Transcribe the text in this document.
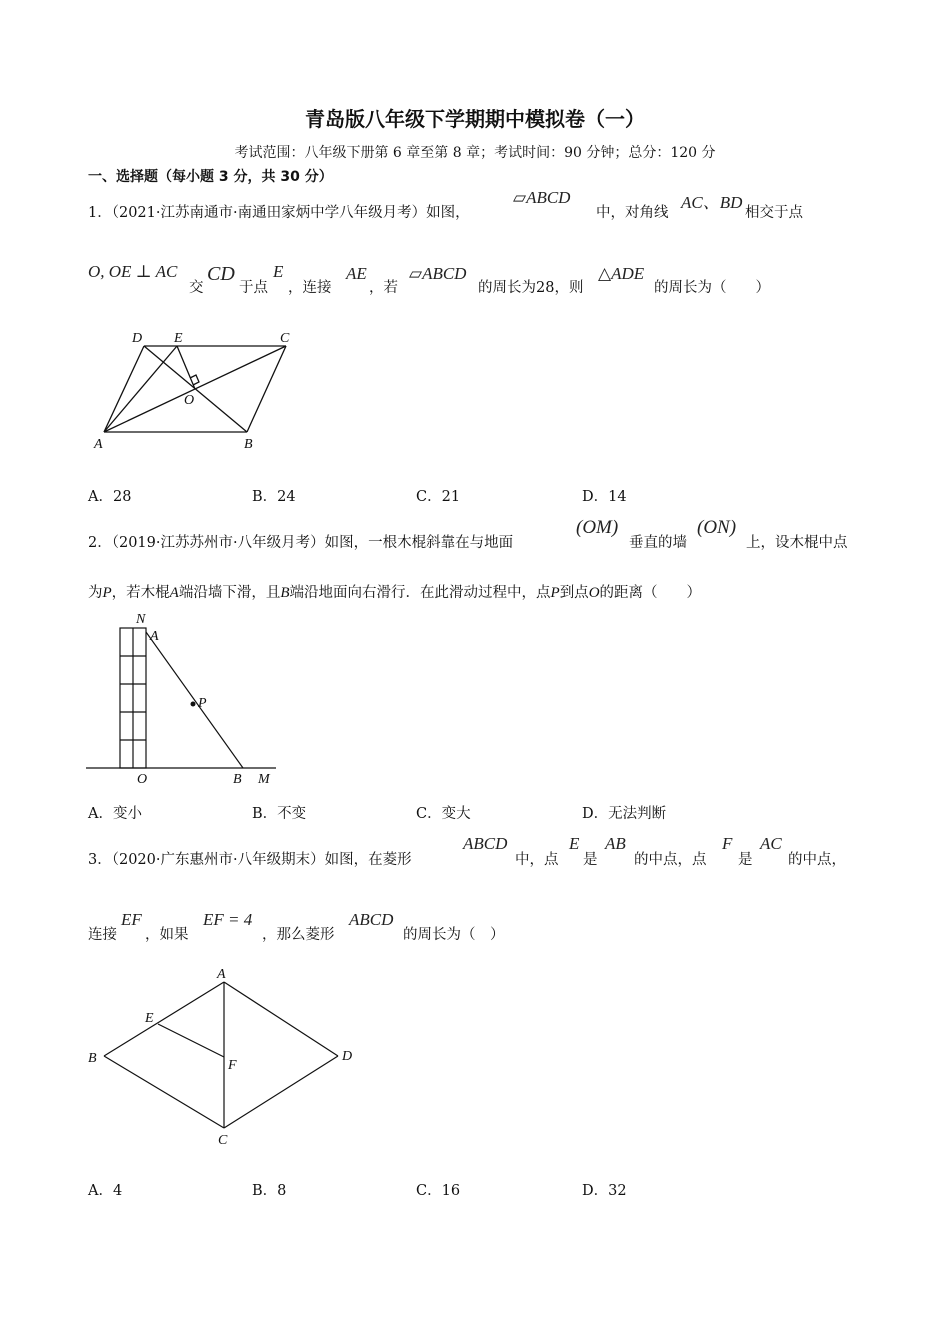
青岛版八年级下学期期中模拟卷（一）
考试范围：八年级下册第 6 章至第 8 章；考试时间：90 分钟；总分：120 分
一、选择题（每小题 3 分，共 30 分）
1．（2021·江苏南通市·南通田家炳中学八年级月考）如图，
▱ABCD
中，对角线
AC、BD
相交于点
O, OE ⊥ AC
交
CD
于点
E
，连接
AE
，若
▱ABCD
的周长为28，则
△ADE
的周长为（　　）
D E	C
O
A	B
A．28	B．24	C．21	D．14
2．（2019·江苏苏州市·八年级月考）如图，一根木棍斜靠在与地面
(OM)
垂直的墙
(ON)
上，设木棍中点
为P，若木棍A端沿墙下滑，且B端沿地面向右滑行．在此滑动过程中，点P到点O的距离（　　）
N
A
P
O	B M
A．变小	B．不变	C．变大	D．无法判断
3．（2020·广东惠州市·八年级期末）如图，在菱形
ABCD
中，点
E
是
AB
的中点，点
F
是
AC
的中点，
连接
EF
，如果
EF = 4
，那么菱形
ABCD
的周长为（　）
A
E
B	F
D
C
A．4	B．8	C．16	D．32
